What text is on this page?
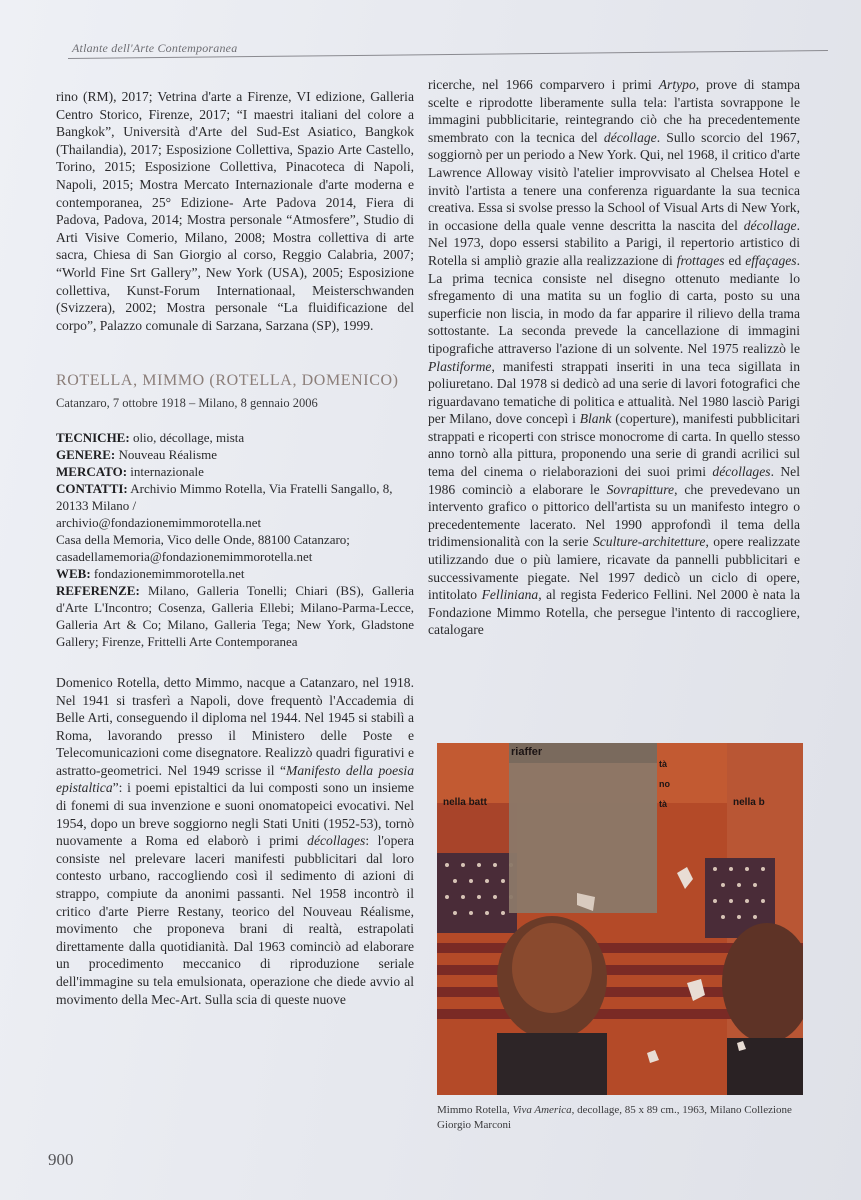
Atlante dell'Arte Contemporanea

rino (RM), 2017; Vetrina d'arte a Firenze, VI edizione, Galleria Centro Storico, Firenze, 2017; “I maestri italiani del colore a Bangkok”, Università d'Arte del Sud-Est Asiatico, Bangkok (Thailandia), 2017; Esposizione Collettiva, Spazio Arte Castello, Torino, 2015; Esposizione Collettiva, Pinacoteca di Napoli, Napoli, 2015; Mostra Mercato Internazionale d'arte moderna e contemporanea, 25° Edizione- Arte Padova 2014, Fiera di Padova, Padova, 2014; Mostra personale “Atmosfere”, Studio di Arti Visive Comerio, Milano, 2008; Mostra collettiva di arte sacra, Chiesa di San Giorgio al corso, Reggio Calabria, 2007; “World Fine Srt Gallery”, New York (USA), 2005; Esposizione collettiva, Kunst-Forum Internationaal, Meisterschwanden (Svizzera), 2002; Mostra personale “La fluidificazione del corpo”, Palazzo comunale di Sarzana, Sarzana (SP), 1999.

ROTELLA, MIMMO (ROTELLA, DOMENICO)
Catanzaro, 7 ottobre 1918 – Milano, 8 gennaio 2006
TECNICHE: olio, décollage, mista
GENERE: Nouveau Réalisme
MERCATO: internazionale
CONTATTI: Archivio Mimmo Rotella, Via Fratelli Sangallo, 8, 20133 Milano /
archivio@fondazionemimmorotella.net
Casa della Memoria, Vico delle Onde, 88100 Catanzaro;
casadellamemoria@fondazionemimmorotella.net
WEB: fondazionemimmorotella.net
REFERENZE: Milano, Galleria Tonelli; Chiari (BS), Galleria d'Arte L'Incontro; Cosenza, Galleria Ellebi; Milano-Parma-Lecce, Galleria Art & Co; Milano, Galleria Tega; New York, Gladstone Gallery; Firenze, Frittelli Arte Contemporanea

Domenico Rotella, detto Mimmo, nacque a Catanzaro, nel 1918. Nel 1941 si trasferì a Napoli, dove frequentò l'Accademia di Belle Arti, conseguendo il diploma nel 1944. Nel 1945 si stabilì a Roma, lavorando presso il Ministero delle Poste e Telecomunicazioni come disegnatore. Realizzò quadri figurativi e astratto-geometrici. Nel 1949 scrisse il “Manifesto della poesia epistaltica”: i poemi epistaltici da lui composti sono un insieme di fonemi di sua invenzione e suoni onomatopeici evocativi. Nel 1954, dopo un breve soggiorno negli Stati Uniti (1952-53), tornò nuovamente a Roma ed elaborò i primi décollages: l'opera consiste nel prelevare laceri manifesti pubblicitari dal loro contesto urbano, raccogliendo così il sedimento di azioni di strappo, compiute da anonimi passanti. Nel 1958 incontrò il critico d'arte Pierre Restany, teorico del Nouveau Réalisme, movimento che proponeva brani di realtà, estrapolati direttamente dalla quotidianità. Dal 1963 cominciò ad elaborare un procedimento meccanico di riproduzione seriale dell'immagine su tela emulsionata, operazione che diede avvio al movimento della Mec-Art. Sulla scia di queste nuove

ricerche, nel 1966 comparvero i primi Artypo, prove di stampa scelte e riprodotte liberamente sulla tela: l'artista sovrappone le immagini pubblicitarie, reintegrando ciò che ha precedentemente smembrato con la tecnica del décollage. Sullo scorcio del 1967, soggiornò per un periodo a New York. Qui, nel 1968, il critico d'arte Lawrence Alloway visitò l'atelier improvvisato al Chelsea Hotel e invitò l'artista a tenere una conferenza riguardante la sua tecnica creativa. Essa si svolse presso la School of Visual Arts di New York, in occasione della quale venne descritta la nascita del décollage. Nel 1973, dopo essersi stabilito a Parigi, il repertorio artistico di Rotella si ampliò grazie alla realizzazione di frottages ed effaçages. La prima tecnica consiste nel disegno ottenuto mediante lo sfregamento di una matita su un foglio di carta, posto su una superficie non liscia, in modo da far apparire il rilievo della trama sottostante. La seconda prevede la cancellazione di immagini tipografiche attraverso l'azione di un solvente. Nel 1975 realizzò le Plastiforme, manifesti strappati inseriti in una teca sigillata in poliuretano. Dal 1978 si dedicò ad una serie di lavori fotografici che riguardavano tematiche di politica e attualità. Nel 1980 lasciò Parigi per Milano, dove concepì i Blank (coperture), manifesti pubblicitari strappati e ricoperti con strisce monocrome di carta. In quello stesso anno tornò alla pittura, proponendo una serie di grandi acrilici sul tema del cinema o rielaborazioni dei suoi primi décollages. Nel 1986 cominciò a elaborare le Sovrapitture, che prevedevano un intervento grafico o pittorico dell'artista su un manifesto integro o precedentemente lacerato. Nel 1990 approfondì il tema della tridimensionalità con la serie Sculture-architetture, opere realizzate utilizzando due o più lamiere, ricavate da pannelli pubblicitari e successivamente piegate. Nel 1997 dedicò un ciclo di opere, intitolato Felliniana, al regista Federico Fellini. Nel 2000 è nata la Fondazione Mimmo Rotella, che persegue l'intento di raccogliere, catalogare

riaffer
nella batt	nella b
tà
no
tà
Mimmo Rotella, Viva America, decollage, 85 x 89 cm., 1963, Milano Collezione Giorgio Marconi
900
